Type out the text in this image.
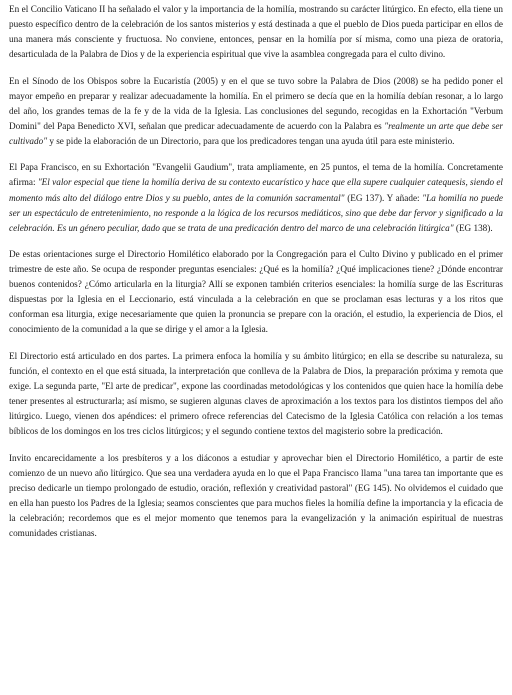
En el Concilio Vaticano II ha señalado el valor y la importancia de la homilía, mostrando su carácter litúrgico. En efecto, ella tiene un puesto específico dentro de la celebración de los santos misterios y está destinada a que el pueblo de Dios pueda participar en ellos de una manera más consciente y fructuosa. No conviene, entonces, pensar en la homilía por sí misma, como una pieza de oratoria, desarticulada de la Palabra de Dios y de la experiencia espiritual que vive la asamblea congregada para el culto divino.

En el Sínodo de los Obispos sobre la Eucaristía (2005) y en el que se tuvo sobre la Palabra de Dios (2008) se ha pedido poner el mayor empeño en preparar y realizar adecuadamente la homilía. En el primero se decía que en la homilía debían resonar, a lo largo del año, los grandes temas de la fe y de la vida de la Iglesia. Las conclusiones del segundo, recogidas en la Exhortación "Verbum Domini" del Papa Benedicto XVI, señalan que predicar adecuadamente de acuerdo con la Palabra es "realmente un arte que debe ser cultivado" y se pide la elaboración de un Directorio, para que los predicadores tengan una ayuda útil para este ministerio.

El Papa Francisco, en su Exhortación "Evangelii Gaudium", trata ampliamente, en 25 puntos, el tema de la homilía. Concretamente afirma: "El valor especial que tiene la homilía deriva de su contexto eucarístico y hace que ella supere cualquier catequesis, siendo el momento más alto del diálogo entre Dios y su pueblo, antes de la comunión sacramental" (EG 137). Y añade: "La homilía no puede ser un espectáculo de entretenimiento, no responde a la lógica de los recursos mediáticos, sino que debe dar fervor y significado a la celebración. Es un género peculiar, dado que se trata de una predicación dentro del marco de una celebración litúrgica" (EG 138).

De estas orientaciones surge el Directorio Homilético elaborado por la Congregación para el Culto Divino y publicado en el primer trimestre de este año. Se ocupa de responder preguntas esenciales: ¿Qué es la homilía? ¿Qué implicaciones tiene? ¿Dónde encontrar buenos contenidos? ¿Cómo articularla en la liturgia? Allí se exponen también criterios esenciales: la homilía surge de las Escrituras dispuestas por la Iglesia en el Leccionario, está vinculada a la celebración en que se proclaman esas lecturas y a los ritos que conforman esa liturgia, exige necesariamente que quien la pronuncia se prepare con la oración, el estudio, la experiencia de Dios, el conocimiento de la comunidad a la que se dirige y el amor a la Iglesia.

El Directorio está articulado en dos partes. La primera enfoca la homilía y su ámbito litúrgico; en ella se describe su naturaleza, su función, el contexto en el que está situada, la interpretación que conlleva de la Palabra de Dios, la preparación próxima y remota que exige. La segunda parte, "El arte de predicar", expone las coordinadas metodológicas y los contenidos que quien hace la homilía debe tener presentes al estructurarla; así mismo, se sugieren algunas claves de aproximación a los textos para los distintos tiempos del año litúrgico. Luego, vienen dos apéndices: el primero ofrece referencias del Catecismo de la Iglesia Católica con relación a los temas bíblicos de los domingos en los tres ciclos litúrgicos; y el segundo contiene textos del magisterio sobre la predicación.

Invito encarecidamente a los presbíteros y a los diáconos a estudiar y aprovechar bien el Directorio Homilético, a partir de este comienzo de un nuevo año litúrgico. Que sea una verdadera ayuda en lo que el Papa Francisco llama "una tarea tan importante que es preciso dedicarle un tiempo prolongado de estudio, oración, reflexión y creatividad pastoral" (EG 145). No olvidemos el cuidado que en ella han puesto los Padres de la Iglesia; seamos conscientes que para muchos fieles la homilía define la importancia y la eficacia de la celebración; recordemos que es el mejor momento que tenemos para la evangelización y la animación espiritual de nuestras comunidades cristianas.
